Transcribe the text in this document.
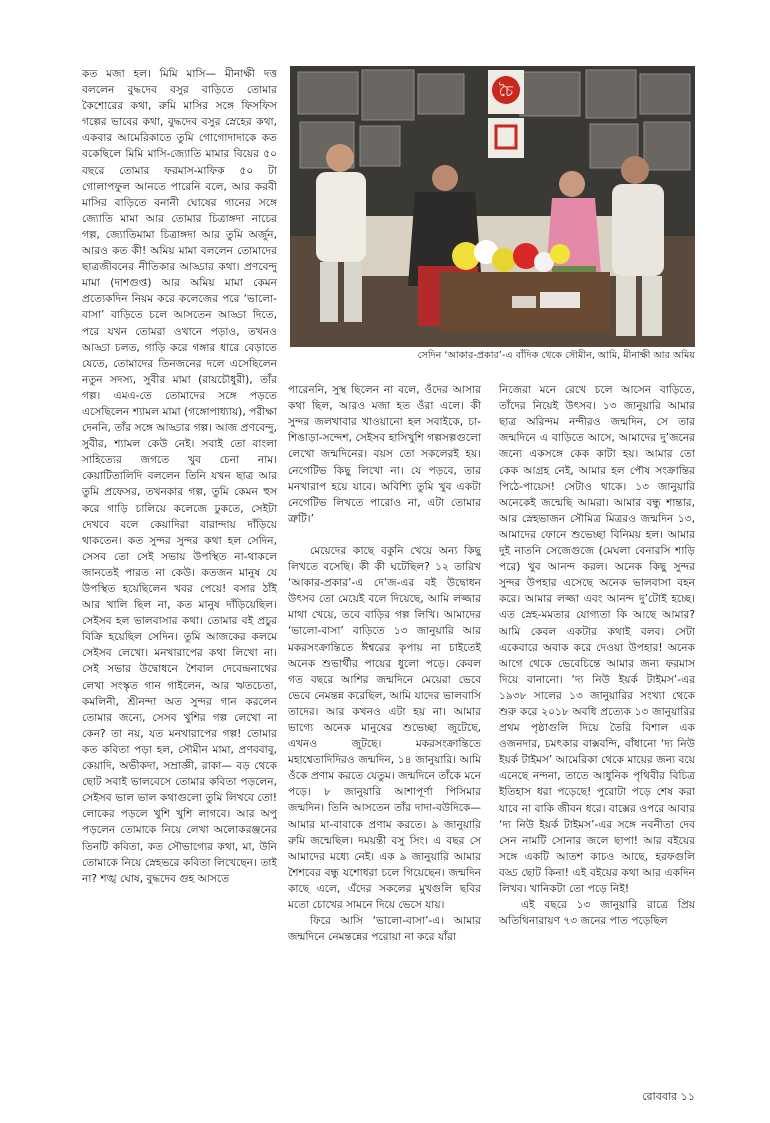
কত মজা হল। মিমি মাসি— মীনাক্ষী দত্ত বললেন বুদ্ধদেব বসুর বাড়িতে তোমার কৈশোরের কথা, রুমি মাসির সঙ্গে ফিসফিস গল্পের ভাবের কথা, বুদ্ধদেব বসুর স্নেহের কথা, একবার আমেরিকাতে তুমি গোগোদাদাকে কত বকেছিলে মিমি মাসি-জ্যোতি মামার বিয়ের ৫০ বছরে তোমার ফরমাস-মাফিক ৫০ টা গোলাপফুল আনতে পারেনি বলে, আর করবী মাসির বাড়িতে বনানী ঘোষের গানের সঙ্গে জ্যোতি মামা আর তোমার চিত্রাঙ্গদা নাচের গল্প, জ্যোতিমামা চিত্রাঙ্গদা আর তুমি অর্জুন, আরও কত কী! অমিয় মামা বললেন তোমাদের ছাত্রজীবনের নীতিকার আড্ডার কথা। প্রণবেন্দু মামা (দাশগুপ্ত) আর অমিয় মামা কেমন প্রত্যেকদিন নিয়ম করে কলেজের পরে ‘ভালো-বাসা’ বাড়িতে চলে আসতেন আড্ডা দিতে, পরে যখন তোমরা ওখানে পড়াও, তখনও আড্ডা চলত, গাড়ি করে গঙ্গার ধারে বেড়াতে যেতে, তোমাদের তিনজনের দলে এসেছিলেন নতুন সদস্য, সুবীর মামা (রায়চৌধুরী), তাঁর গল্প। এমএ-তে তোমাদের সঙ্গে পড়তে এসেছিলেন শ্যামল মামা (গঙ্গোপাধ্যায়), পরীক্ষা দেননি, তাঁর সঙ্গে আড্ডার গল্প। আজ প্রণবেন্দু, সুবীর, শ্যামল কেউ নেই। সবাই তো বাংলা সাহিত্যের জগতে খুব চেনা নাম। কেয়াটিতালিদি বললেন তিনি যখন ছাত্র আর তুমি প্রফেসর, তখনকার গল্প, তুমি কেমন হুস করে গাড়ি চালিয়ে কলেজে ঢুকতে, সেইটা দেখবে বলে কেয়াদিরা বারান্দায় দাঁড়িয়ে থাকতেন। কত সুন্দর সুন্দর কথা হল সেদিন, সেসব তো সেই সভায় উপস্থিত না-থাকলে জানতেই পারত না কেউ। কতজন মানুষ যে উপস্থিত হয়েছিলেন খবর পেয়ে! বসার ঠাঁই আর খালি ছিল না, কত মানুষ দাঁড়িয়েছিল। সেইসব হল ভালবাসার কথা। তোমার বই প্রচুর বিক্রি হয়েছিল সেদিন। তুমি আজকের কলমে সেইসব লেখো। মনখারাপের কথা লিখো না। সেই সভার উদ্বোধনে শৈবাল দেবেন্দ্রনাথের লেখা সংস্কৃত গান গাইলেন, আর ঋতচেতা, কমলিনী, শ্রীনন্দা অত সুন্দর গান করলেন তোমার জন্যে, সেসব খুশির গল্প লেখো না কেন? তা নয়, যত মনখারাপের গল্প! তোমার কত কবিতা পড়া হল, সৌমীন মামা, প্রণববাবু, কেয়াদি, অভীকদা, সম্রাজ্ঞী, রাকা— বড় থেকে ছোট সবাই ভালবেসে তোমার কবিতা পড়লেন, সেইসব ভাল ভাল কথাগুলো তুমি লিখবে তো! লোকের পড়লে খুশি খুশি লাগবে। আর অপু পড়লেন তোমাকে নিয়ে লেখা অলোকরঞ্জনের তিনটি কবিতা, কত সৌভাগ্যের কথা, মা, উনি তোমাকে নিয়ে স্নেহভরে কবিতা লিখেছেন। তাই না? শঙ্খ ঘোষ, বুদ্ধদেব গুহ আসতে
চৈ
সেদিন ‘আকার-প্রকার’-এ বাঁদিক থেকে সৌমীন, আমি, মীনাক্ষী আর অমিয়

পারেননি, সুস্থ ছিলেন না বলে, ওঁদের আসার কথা ছিল, আরও মজা হত ওঁরা এলে। কী সুন্দর জলখাবার খাওয়ানো হল সবাইকে, চা-শিঙাড়া-সন্দেশ, সেইসব হাসিখুশি গল্পসল্পগুলো লেখো জন্মদিনের। বয়স তো সকলেরই হয়। নেগেটিভ কিছু লিখো না। যে পড়বে, তার মনখারাপ হয়ে যাবে। অবিশ্যি তুমি খুব একটা নেগেটিভ লিখতে পারোও না, এটা তোমার ত্রুটি।’
মেয়েদের কাছে বকুনি খেয়ে অন্য কিছু লিখতে বসেছি। কী কী ঘটেছিল? ১২ তারিখ ‘আকার-প্রকার’-এ দে’জ-এর বই উদ্বোধন উৎসব তো মেয়েই বলে দিয়েছে, আমি লজ্জার মাথা খেয়ে, তবে বাড়ির গল্প লিখি। আমাদের ‘ভালো-বাসা’ বাড়িতে ১৩ জানুয়ারি আর মকরসংক্রান্তিতে ঈশ্বরের কৃপায় না চাইতেই অনেক শুভার্থীর পায়ের ধুলো পড়ে। কেবল গত বছরে আশির জন্মদিনে মেয়েরা ভেবে ভেবে নেমন্তন্ন করেছিল, আমি যাদের ভালবাসি তাদের। আর কখনও এটা হয় না। আমার ভাগ্যে অনেক মানুষের শুভেচ্ছা জুটেছে, এখনও জুটছে। মকরসংক্রান্তিতে মহাশ্বেতাদিদিরও জন্মদিন, ১৪ জানুয়ারি। আমি ওঁকে প্রণাম করতে যেতুম। জন্মদিনে তাঁকে মনে পড়ে। ৮ জানুয়ারি আশাপূর্ণা পিসিমার জন্মদিন। তিনি আসতেন তাঁর দাদা-বউদিকে— আমার মা-বাবাকে প্রণাম করতে। ৯ জানুয়ারি রুমি জন্মেছিল। দময়ন্তী বসু সিং। এ বছর সে আমাদের মধ্যে নেই। এক ৯ জানুয়ারি আমার শৈশবের বন্ধু যশোধরা চলে গিয়েছেন। জন্মদিন কাছে এলে, এঁদের সকলের মুখগুলি ছবির মতো চোখের সামনে দিয়ে ভেসে যায়।
ফিরে আসি ‘ভালো-বাসা’-এ। আমার জন্মদিনে নেমন্তন্নের পরোয়া না করে যাঁরা

নিজেরা মনে রেখে চলে আসেন বাড়িতে, তাঁদের নিয়েই উৎসব। ১৩ জানুয়ারি আমার ছাত্র অরিন্দম নন্দীরও জন্মদিন, সে তার জন্মদিনে এ বাড়িতে আসে, আমাদের দু’জনের জন্যে একসঙ্গে কেক কাটা হয়। আমার তো কেক আগ্রহ নেই, আমার হল পৌষ সংক্রান্তির পিঠে-পায়েস! সেটাও থাকে। ১৩ জানুয়ারি অনেকেই জন্মেছি আমরা। আমার বন্ধু শান্তার, আর স্নেহভাজন সৌমিত্র মিত্ররও জন্মদিন ১৩, আমাদের ফোনে শুভেচ্ছা বিনিময় হল। আমার দুই নাতনি সেজেগুজে (মেঘলা বেনারসি শাড়ি পরে) খুব আনন্দ করল। অনেক কিছু সুন্দর সুন্দর উপহার এসেছে অনেক ভালবাসা বহন করে। আমার লজ্জা এবং আনন্দ দু’টোই হচ্ছে। এত স্নেহ-মমতার যোগ্যতা কি আছে আমার? আমি কেবল একটার কথাই বলব। সেটা একেবারে অবাক করে দেওয়া উপহার! অনেক আগে থেকে ভেবেচিন্তে আমার জন্য ফরমাস দিয়ে বানানো। ‘দ্য নিউ ইয়র্ক টাইমস’-এর ১৯৩৮ সালের ১৩ জানুয়ারির সংখ্যা থেকে শুরু করে ২০১৮ অবধি প্রত্যেক ১৩ জানুয়ারির প্রথম পৃষ্ঠাগুলি দিয়ে তৈরি বিশাল এক ওজনদার, চমৎকার বাক্সবন্দি, বাঁধানো ‘দ্য নিউ ইয়র্ক টাইমস’ আমেরিকা থেকে মায়ের জন্য বয়ে এনেছে নন্দনা, তাতে আধুনিক পৃথিবীর বিচিত্র ইতিহাস ধরা পড়েছে! পুরোটা পড়ে শেষ করা যাবে না বাকি জীবন ধরে। বাক্সের ওপরে আবার ‘দ্য নিউ ইয়র্ক টাইমস’-এর সঙ্গে নবনীতা দেব সেন নামটি সোনার জলে ছাপা! আর বইয়ের সঙ্গে একটি আতশ কাচও আছে, হরফগুলি বড্ড ছোট কিনা! এই বইয়ের কথা আর একদিন লিখব। খানিকটা তো পড়ে নিই!
এই বছরে ১৩ জানুয়ারি রাত্রে প্রিয় অতিথিনারায়ণ ৭৩ জনের পাত পড়েছিল

রোববার ১১
